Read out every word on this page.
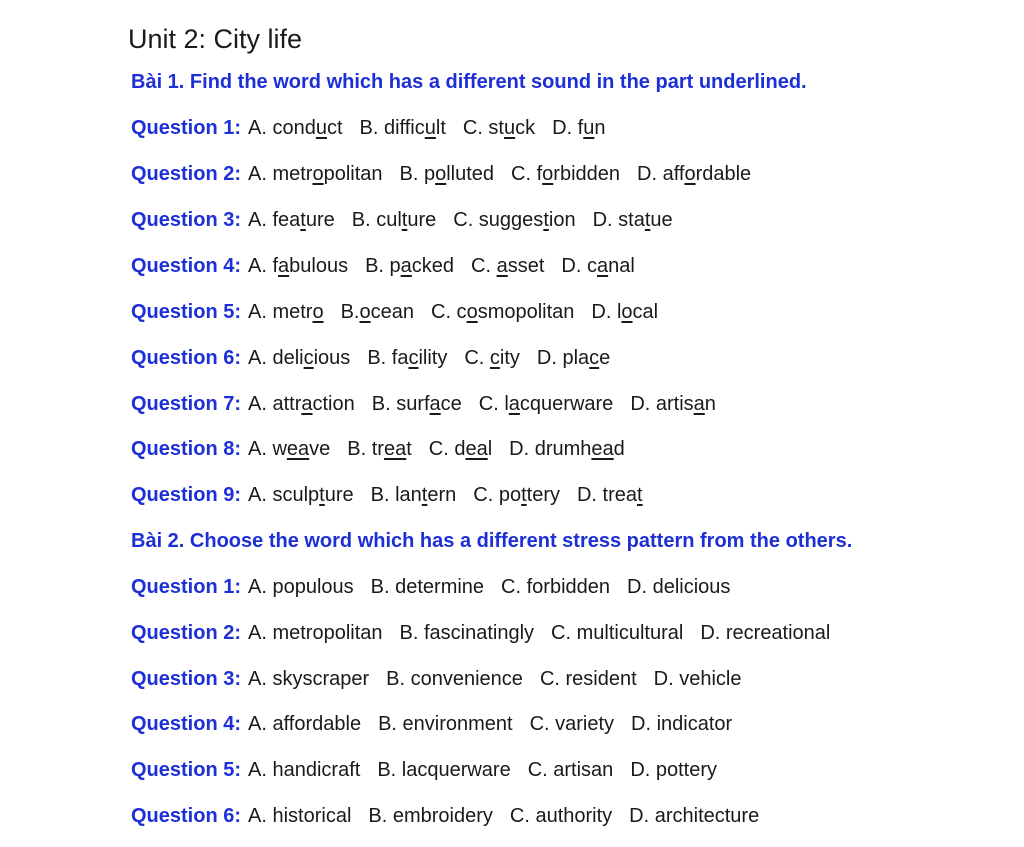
Unit 2: City life
Bài 1. Find the word which has a different sound in the part underlined.
Question 1: A. conduct B. difficult C. stuck D. fun
Question 2: A. metropolitan B. polluted C. forbidden D. affordable
Question 3: A. feature B. culture C. suggestion D. statue
Question 4: A. fabulous B. packed C. asset D. canal
Question 5: A. metro B.ocean C. cosmopolitan D. local
Question 6: A. delicious B. facility C. city D. place
Question 7: A. attraction B. surface C. lacquerware D. artisan
Question 8: A. weave B. treat C. deal D. drumhead
Question 9: A. sculpture B. lantern C. pottery D. treat
Bài 2. Choose the word which has a different stress pattern from the others.
Question 1: A. populous B. determine C. forbidden D. delicious
Question 2: A. metropolitan B. fascinatingly C. multicultural D. recreational
Question 3: A. skyscraper B. convenience C. resident D. vehicle
Question 4: A. affordable B. environment C. variety D. indicator
Question 5: A. handicraft B. lacquerware C. artisan D. pottery
Question 6: A. historical B. embroidery C. authority D. architecture
